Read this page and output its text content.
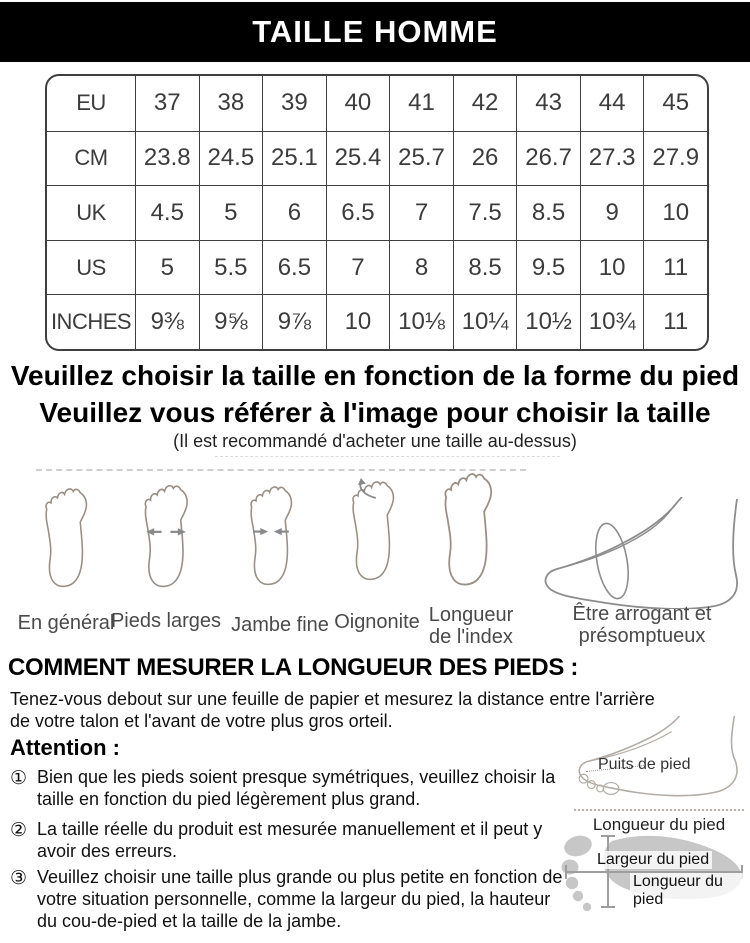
TAILLE HOMME
EU	37	38	39	40	41	42	43	44	45
CM	23.8 24.5 25.1 25.4 25.7	26	26.7 27.3 27.9
UK	4.5	5	6	6.5	7	7.5	8.5	9	10
US	5	5.5	6.5	7	8	8.5	9.5	10	11
INCHES 9⅜	9⅝	9⅞	10	10⅛ 10¼ 10½ 10¾	11
Veuillez choisir la taille en fonction de la forme du pied
Veuillez vous référer à l'image pour choisir la taille
(Il est recommandé d'acheter une taille au-dessus)
En général
Pieds larges Jambe fine Oignonite Longueur de l'index
Être arrogant et présomptueux
COMMENT MESURER LA LONGUEUR DES PIEDS :
Tenez-vous debout sur une feuille de papier et mesurez la distance entre l'arrière de votre talon et l'avant de votre plus gros orteil.
Attention :
① Bien que les pieds soient presque symétriques, veuillez choisir la taille en fonction du pied légèrement plus grand.
② La taille réelle du produit est mesurée manuellement et il peut y avoir des erreurs.
③ Veuillez choisir une taille plus grande ou plus petite en fonction de votre situation personnelle, comme la largeur du pied, la hauteur du cou-de-pied et la taille de la jambe.
Puits de pied
Longueur du pied
Largeur du pied
Longueur du pied
